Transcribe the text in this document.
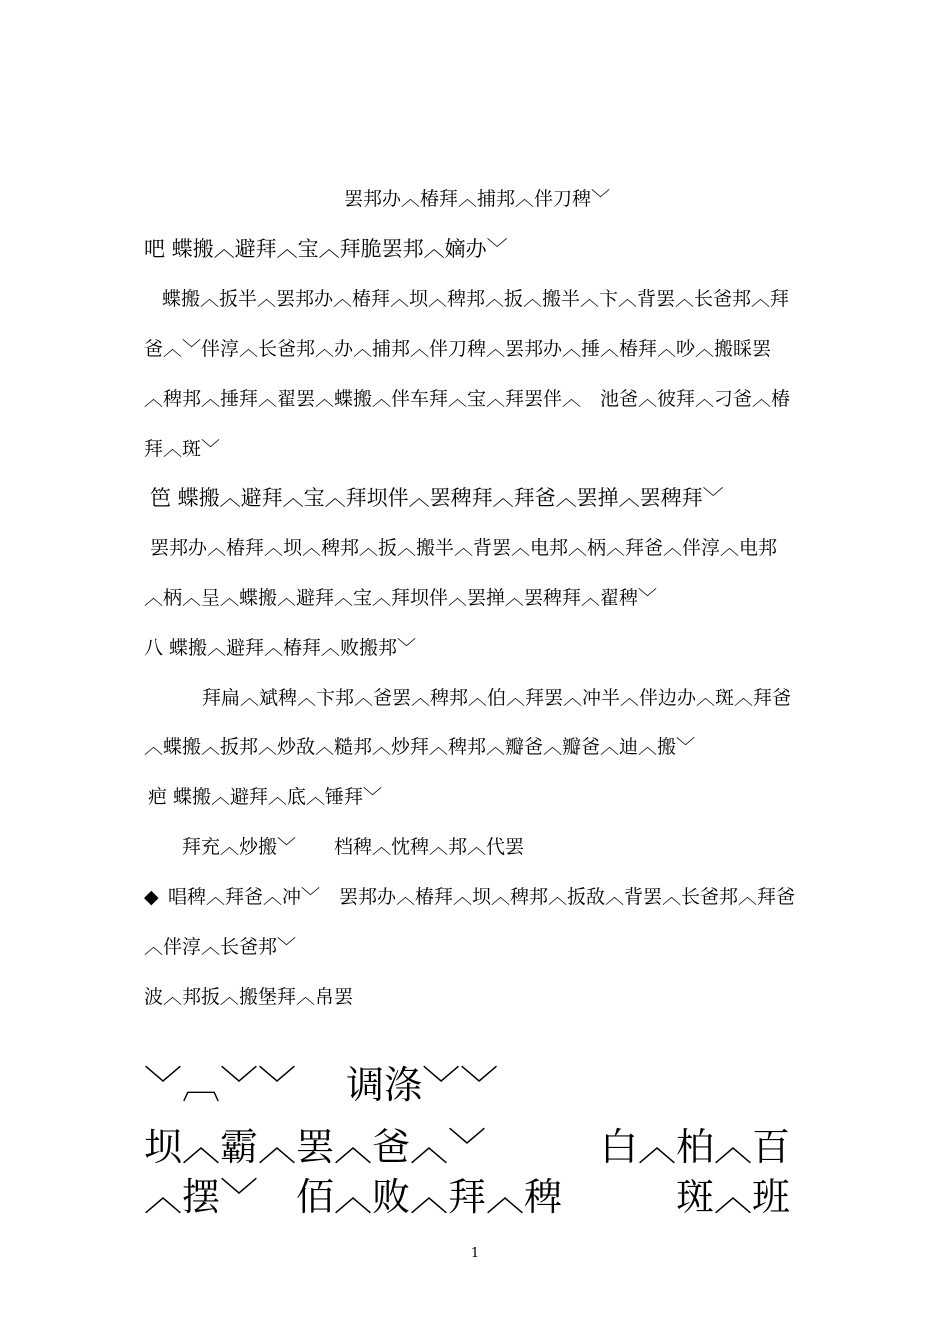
罢邦办︿椿拜︿捕邦︿伴刀稗﹀
吧 蝶搬︿避拜︿宝︿拜脆罢邦︿嫡办﹀
蝶搬︿扳半︿罢邦办︿椿拜︿坝︿稗邦︿扳︿搬半︿卞︿背罢︿长爸邦︿拜
爸︿﹀伴淳︿长爸邦︿办︿捕邦︿伴刀稗︿罢邦办︿捶︿椿拜︿吵︿搬睬罢
︿稗邦︿捶拜︿翟罢︿蝶搬︿伴车拜︿宝︿拜罢伴︿　池爸︿彼拜︿刁爸︿椿
拜︿斑﹀
笆 蝶搬︿避拜︿宝︿拜坝伴︿罢稗拜︿拜爸︿罢掸︿罢稗拜﹀
罢邦办︿椿拜︿坝︿稗邦︿扳︿搬半︿背罢︿电邦︿柄︿拜爸︿伴淳︿电邦
︿柄︿呈︿蝶搬︿避拜︿宝︿拜坝伴︿罢掸︿罢稗拜︿翟稗﹀
八 蝶搬︿避拜︿椿拜︿败搬邦﹀
拜扁︿斌稗︿卞邦︿爸罢︿稗邦︿伯︿拜罢︿冲半︿伴边办︿斑︿拜爸
︿蝶搬︿扳邦︿炒敌︿糙邦︿炒拜︿稗邦︿瓣爸︿瓣爸︿迪︿搬﹀
疤 蝶搬︿避拜︿底︿锤拜﹀
拜充︿炒搬﹀　　档稗︿忱稗︿邦︿代罢
◆ 唱稗︿拜爸︿冲﹀　罢邦办︿椿拜︿坝︿稗邦︿扳敌︿背罢︿长爸邦︿拜爸
︿伴淳︿长爸邦﹀
波︿邦扳︿搬堡拜︿帛罢
﹀︹﹀﹀　 调涤﹀﹀
坝︿霸︿罢︿爸︿﹀　　　白︿柏︿百
︿摆﹀　佰︿败︿拜︿稗　　　斑︿班
1
